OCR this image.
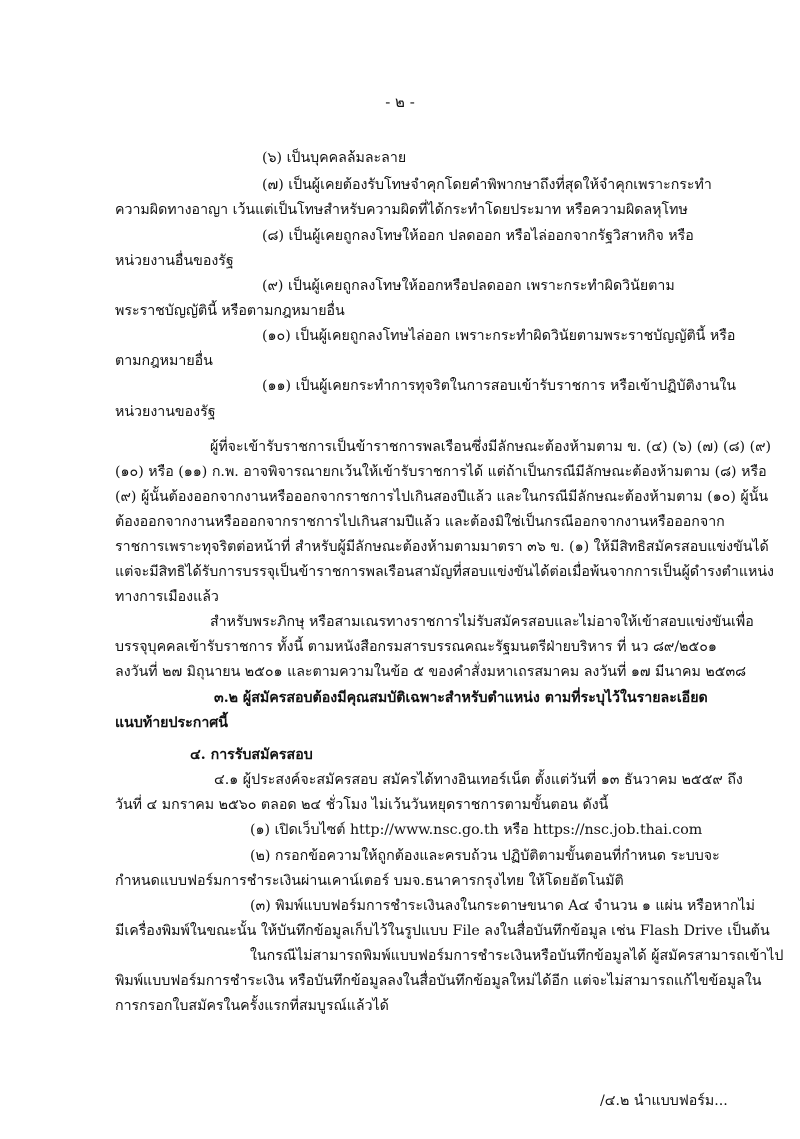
- ๒ -
(๖) เป็นบุคคลล้มละลาย
(๗) เป็นผู้เคยต้องรับโทษจำคุกโดยคำพิพากษาถึงที่สุดให้จำคุกเพราะกระทำ
ความผิดทางอาญา เว้นแต่เป็นโทษสำหรับความผิดที่ได้กระทำโดยประมาท หรือความผิดลหุโทษ
(๘) เป็นผู้เคยถูกลงโทษให้ออก ปลดออก หรือไล่ออกจากรัฐวิสาหกิจ หรือ
หน่วยงานอื่นของรัฐ
(๙) เป็นผู้เคยถูกลงโทษให้ออกหรือปลดออก เพราะกระทำผิดวินัยตาม
พระราชบัญญัตินี้ หรือตามกฎหมายอื่น
(๑๐) เป็นผู้เคยถูกลงโทษไล่ออก เพราะกระทำผิดวินัยตามพระราชบัญญัตินี้ หรือ
ตามกฎหมายอื่น
(๑๑) เป็นผู้เคยกระทำการทุจริตในการสอบเข้ารับราชการ หรือเข้าปฏิบัติงานใน
หน่วยงานของรัฐ
ผู้ที่จะเข้ารับราชการเป็นข้าราชการพลเรือนซึ่งมีลักษณะต้องห้ามตาม ข. (๔) (๖) (๗) (๘) (๙)
(๑๐) หรือ (๑๑) ก.พ. อาจพิจารณายกเว้นให้เข้ารับราชการได้ แต่ถ้าเป็นกรณีมีลักษณะต้องห้ามตาม (๘) หรือ
(๙) ผู้นั้นต้องออกจากงานหรือออกจากราชการไปเกินสองปีแล้ว และในกรณีมีลักษณะต้องห้ามตาม (๑๐) ผู้นั้น
ต้องออกจากงานหรือออกจากราชการไปเกินสามปีแล้ว และต้องมิใช่เป็นกรณีออกจากงานหรือออกจาก
ราชการเพราะทุจริตต่อหน้าที่ สำหรับผู้มีลักษณะต้องห้ามตามมาตรา ๓๖ ข. (๑) ให้มีสิทธิสมัครสอบแข่งขันได้
แต่จะมีสิทธิได้รับการบรรจุเป็นข้าราชการพลเรือนสามัญที่สอบแข่งขันได้ต่อเมื่อพ้นจากการเป็นผู้ดำรงตำแหน่ง
ทางการเมืองแล้ว
สำหรับพระภิกษุ หรือสามเณรทางราชการไม่รับสมัครสอบและไม่อาจให้เข้าสอบแข่งขันเพื่อ
บรรจุบุคคลเข้ารับราชการ ทั้งนี้ ตามหนังสือกรมสารบรรณคณะรัฐมนตรีฝ่ายบริหาร ที่ นว ๘๙/๒๕๐๑
ลงวันที่ ๒๗ มิถุนายน ๒๕๐๑ และตามความในข้อ ๕ ของคำสั่งมหาเถรสมาคม ลงวันที่ ๑๗ มีนาคม ๒๕๓๘
๓.๒ ผู้สมัครสอบต้องมีคุณสมบัติเฉพาะสำหรับตำแหน่ง ตามที่ระบุไว้ในรายละเอียด
แนบท้ายประกาศนี้
๔. การรับสมัครสอบ
๔.๑ ผู้ประสงค์จะสมัครสอบ สมัครได้ทางอินเทอร์เน็ต ตั้งแต่วันที่ ๑๓ ธันวาคม ๒๕๕๙ ถึง
วันที่ ๔ มกราคม ๒๕๖๐ ตลอด ๒๔ ชั่วโมง ไม่เว้นวันหยุดราชการตามขั้นตอน ดังนี้
(๑) เปิดเว็บไซต์ http://www.nsc.go.th หรือ https://nsc.job.thai.com
(๒) กรอกข้อความให้ถูกต้องและครบถ้วน ปฏิบัติตามขั้นตอนที่กำหนด ระบบจะ
กำหนดแบบฟอร์มการชำระเงินผ่านเคาน์เตอร์ บมจ.ธนาคารกรุงไทย ให้โดยอัตโนมัติ
(๓) พิมพ์แบบฟอร์มการชำระเงินลงในกระดาษขนาด A๔ จำนวน ๑ แผ่น หรือหากไม่
มีเครื่องพิมพ์ในขณะนั้น ให้บันทึกข้อมูลเก็บไว้ในรูปแบบ File ลงในสื่อบันทึกข้อมูล เช่น Flash Drive เป็นต้น
ในกรณีไม่สามารถพิมพ์แบบฟอร์มการชำระเงินหรือบันทึกข้อมูลได้ ผู้สมัครสามารถเข้าไป
พิมพ์แบบฟอร์มการชำระเงิน หรือบันทึกข้อมูลลงในสื่อบันทึกข้อมูลใหม่ได้อีก แต่จะไม่สามารถแก้ไขข้อมูลใน
การกรอกใบสมัครในครั้งแรกที่สมบูรณ์แล้วได้
/๔.๒ นำแบบฟอร์ม...
